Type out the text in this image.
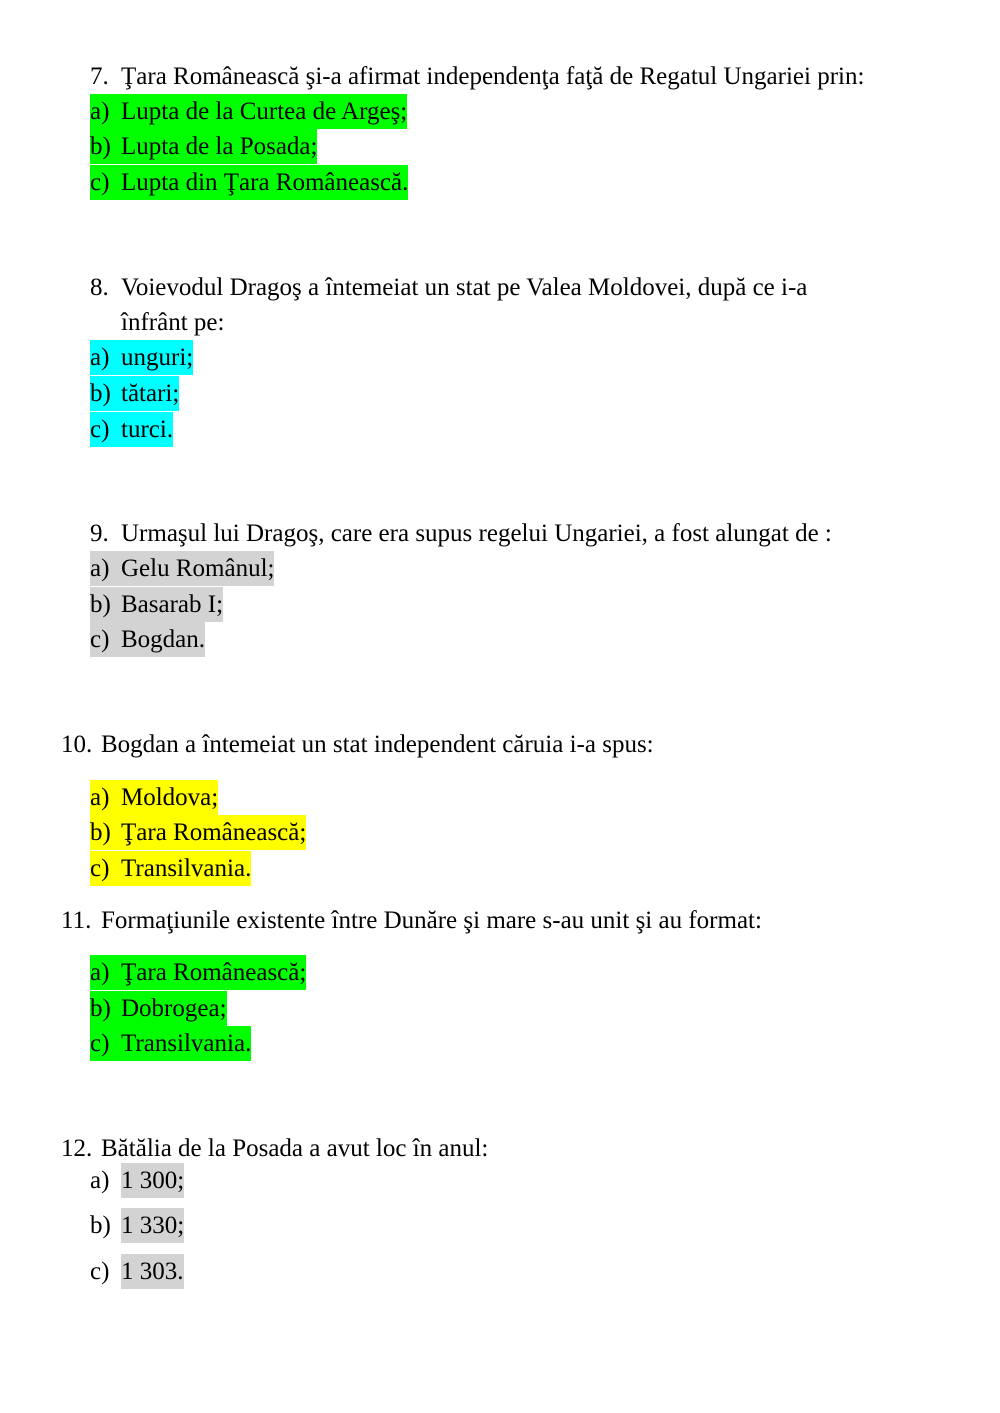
7. Ţara Românească şi-a afirmat independenţa faţă de Regatul Ungariei prin:
a) Lupta de la Curtea de Argeş;
b) Lupta de la Posada;
c) Lupta din Ţara Românească.
8. Voievodul Dragoş a întemeiat un stat pe Valea Moldovei, după ce i-a
înfrânt pe:
a) unguri;
b) tătari;
c) turci.
9. Urmaşul lui Dragoş, care era supus regelui Ungariei, a fost alungat de :
a) Gelu Românul;
b) Basarab I;
c) Bogdan.
10. Bogdan a întemeiat un stat independent căruia i-a spus:
a) Moldova;
b) Ţara Românească;
c) Transilvania.
11. Formaţiunile existente între Dunăre şi mare s-au unit şi au format:
a) Ţara Românească;
b) Dobrogea;
c) Transilvania.
12. Bătălia de la Posada a avut loc în anul:
a) 1 300;
b) 1 330;
c) 1 303.
